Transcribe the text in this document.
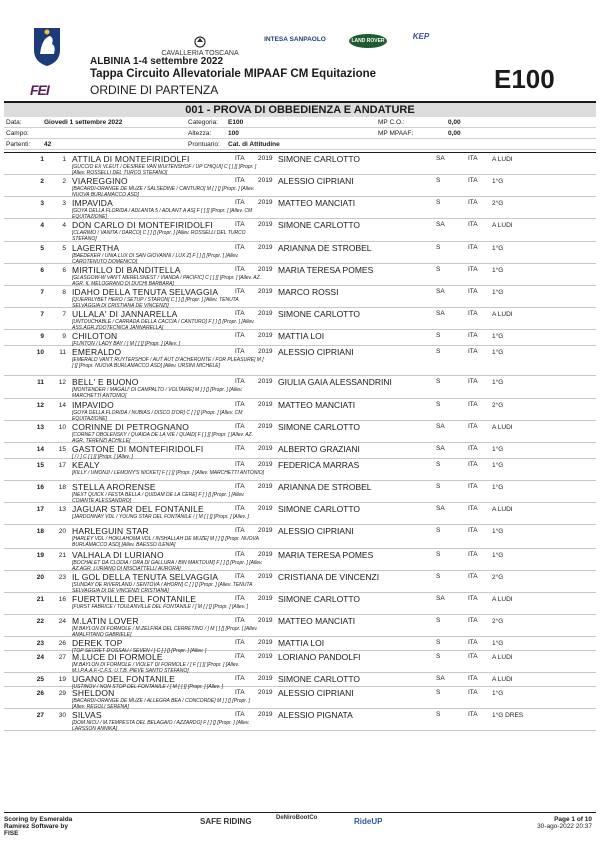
FEI

CAVALLERIA TOSCANA
INTESA SANPAOLO	LAND ROVER	KEP
ALBINIA 1-4 settembre 2022
Tappa Circuito Allevatoriale MIPAAF CM Equitazione
ORDINE DI PARTENZA	E100
001 - PROVA DI OBBEDIENZA E ANDATURE
Data:	Giovedì 1 settembre 2022	Categoria: E100	MP C.O.:	0,00
Campo:	Altezza:	100	MP MPAAF:	0,00
Partenti: 42	Prontuario: Cat. di Attitudine
1	1 ATTILA DI MONTEFIRIDOLFI
[GUCCIO EX VLEUT / DESIREE VAN WUITENSHOF / UP CHIQUI] C [ ] [] [Propr. ] [Allev. ROSSELLI DEL TURCO STEFANO]
ITA 2019 SIMONE CARLOTTO	SA	ITA A LUDI
2	2 VIAREGGINO
[BACARDI-ORANGE DE MUZE / SALSEDINE / CANTURO] M [ ] [] [Propr. ] [Allev. NUOVA BURLAMACCO ASD]
ITA 2019 ALESSIO CIPRIANI	S	ITA 1°G
3	3 IMPAVIDA
[GOYA DELLA FLORIDA / ADLANTA 5 / ADLANT A AS] F [ ] [] [Propr. ] [Allev. CM EQUITAZIONE]
ITA 2019 MATTEO MANCIATI	S	ITA 2°G
4	4 DON CARLO DI MONTEFIRIDOLFI
[CLARIMO / VANITA / DARCO] C [ ] [] [Propr. ] [Allev. ROSSELLI DEL TURCO STEFANO]
ITA 2019 SIMONE CARLOTTO	SA	ITA A LUDI
5	5 LAGERTHA
[BAEDEKER / UNIA LUX DI SAN GIOVANNI / LUX Z] F [ ] [] [Propr. ] [Allev. CAROTENUTO DOMENICO]
ITA 2019 ARIANNA DE STROBEL	S	ITA 1°G
6	6 MIRTILLO DI BANDITELLA
[GLASGOW-W VAN'T MERELSNEST / VIANDA / PACIFIC] C [ ] [] [Propr. ] [Allev. AZ. AGR. IL MELOGRANO DI DUCHI BARBARA]
ITA 2019 MARIA TERESA POMES	S	ITA 1°G
7	8 IDAHO DELLA TENUTA SELVAGGIA
[QUERRLYBET HERO / SETUP / STARON] C [ ] [] [Propr. ] [Allev. TENUTA SELVAGGIA DI CRISTIANA DE VINCENZI]
ITA 2019 MARCO ROSSI	SA	ITA 1°G
7	7 ULLALA' DI JANNARELLA
[UNTOUCHABLE / CARRADA DELLA CACCIA / CANTURO] F [ ] [] [Propr. ] [Allev. ASS.AGR.ZOOTECNICA JANNARELLA]
ITA 2019 SIMONE CARLOTTO	SA	ITA A LUDI
9	9 CHILOTON
[FLINTON / LADY BAY / ] M [ ] [] [Propr. ] [Allev. ]
ITA 2019 MATTIA LOI	S	ITA 1°G
10	11 EMERALDO
[EMERALD VAN'T RUYTERSHOF / AUT AUT D'ACHERONTE / FOR PLEASURE] M [ ] [] [Propr. NUOVA BURLAMACCO ASD] [Allev. URSINI MICHELE]
ITA 2019 ALESSIO CIPRIANI	S	ITA 1°G
11	12 BELL' E BUONO
[MONTENDER / MAGALI' DI CAMPALTO / VOLTAIRE] M [ ] [] [Propr. ] [Allev. MARCHETTI ANTONIO]
ITA 2019 GIULIA GAIA ALESSANDRINI	S	ITA 1°G
12	14 IMPAVIDO
[GOYA DELLA FLORIDA / NUBIAS / DISCO D'OR] C [ ] [] [Propr. ] [Allev. CM EQUITAZIONE]
ITA 2019 MATTEO MANCIATI	S	ITA 2°G
13	10 CORINNE DI PETROGNANO
[CORNET OBOLENSKY / QUAIDA DE LA VIE / QUAID] F [ ] [] [Propr. ] [Allev. AZ. AGR. TERENZI ACHILLE]
ITA 2019 SIMONE CARLOTTO	SA	ITA A LUDI
14	15 GASTONE DI MONTEFIRIDOLFI
[ / / ] C [ ] [] [Propr. ] [Allev. ]
ITA 2019 ALBERTO GRAZIANI	SA	ITA 1°G
15	17 KEALY
[KILLY / UMONJI / LEMONY'S NICKET] F [ ] [] [Propr. ] [Allev. MARCHETTI ANTONIO]
ITA 2019 FEDERICA MARRAS	S	ITA 1°G
16	18 STELLA ARORENSE
[NEXT QUICK / FESTA BELLA / QUIDAM DE LA CERE] F [ ] [] [Propr. ] [Allev. COIANTE ALESSANDRO]
ITA 2019 ARIANNA DE STROBEL	S	ITA 1°G
17	13 JAGUAR STAR DEL FONTANILE
[JARDONNAY VDL / YOUNG STAR DEL FONTANILE / ] M [ ] [] [Propr. ] [Allev. ]
ITA 2019 SIMONE CARLOTTO	SA	ITA A LUDI
18	20 HARLEGUIN STAR
[HARLEY VDL / HOKLAHOMA VDL / INSHALLAH DE MUZE] M [ ] [] [Propr. NUOVA BURLAMACCO ASD] [Allev. BAESSO ILENIA]
ITA 2019 ALESSIO CIPRIANI	S	ITA 1°G
19	21 VALHALA DI LURIANO
[BOCHALET DA CLODIA / ORA DI GALLURA / BIN MAKTOUM] F [ ] [] [Propr. ] [Allev. AZ.AGR. LURIANO DI MISCIATTELLI AURORA]
ITA 2019 MARIA TERESA POMES	S	ITA 1°G
20	23 IL GOL DELLA TENUTA SELVAGGIA
[SUNDAY DE RIVERLAND / SENTOVA / AHORN] C [ ] [] [Propr. ] [Allev. TENUTA SELVAGGIA DI DE VINCENZI CRISTIANA]
ITA 2019 CRISTIANA DE VINCENZI	S	ITA 2°G
21	16 FUERTVILLE DEL FONTANILE
[FURST FABRICE / TOULANVILLE DEL FONTANILE / ] M [ ] [] [Propr. ] [Allev. ]
ITA 2019 SIMONE CARLOTTO	SA	ITA A LUDI
22	24 M.LATIN LOVER
[M.BAYLON DI FORMOLE / M.ZELFIRA DEL CERRETINO / ] M [ ] [] [Propr. ] [Allev. AMALFITANO GABRIELE]
ITA 2019 MATTEO MANCIATI	S	ITA 2°G
23	26 DEREK TOP
[TOP SECRET D'OSSAU / SEVEN / ] C [ ] [] [Propr. ] [Allev. ]
ITA 2019 MATTIA LOI	S	ITA 1°G
24	27 M.LUCE DI FORMOLE
[M.BAYLON DI FORMOLE / VIOLET DI FORMOLE / ] F [ ] [] [Propr. ] [Allev. M.I.P.A.A.F.-C.F.S. U.T.B. PIEVE SANTO STEFANO]
ITA 2019 LORIANO PANDOLFI	S	ITA A LUDI
25	19 UGANO DEL FONTANILE
[USTINOV / NON STOP DEL FONTANILE / ] M [ ] [] [Propr. ] [Allev. ]
ITA 2019 SIMONE CARLOTTO	SA	ITA A LUDI
26	29 SHELDON
[BACARDI-ORANGE DE MUZE / ALLEGRA BEA / CONCORDE] M [ ] [] [Propr. ] [Allev. REGOLI SERENA]
ITA 2019 ALESSIO CIPRIANI	S	ITA 1°G
27	30 SILVAS
[DOM NICU / M.TEMPESTA DEL BELAGAIO / AZZARDO] F [ ] [] [Propr. ] [Allev. LARSSON ANNIKA]
ITA 2019 ALESSIO PIGNATA	S	ITA 1°G DRES
Scoring by Esmeralda Ramirez Software by FISE
SAFE RIDING	DeNiroBootCo	RideUP	Page 1 of 10
30-ago-2022 20:37
